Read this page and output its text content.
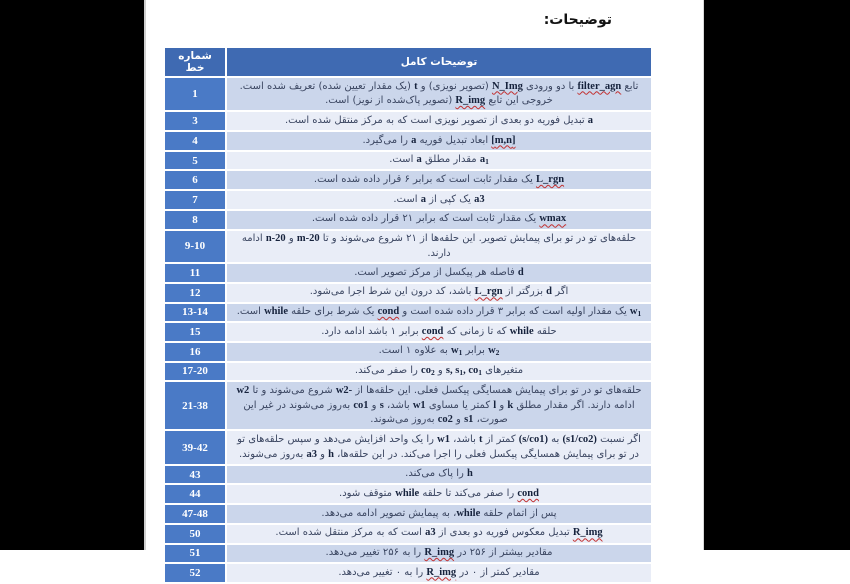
توضیحات:
شماره خط	توضیحات کامل
1	تابع filter_agn با دو ورودی N_Img (تصویر نویزی) و t (یک مقدار تعیین شده) تعریف شده است. خروجی این تابع R_img (تصویر پاک‌شده از نویز) است.
3	a تبدیل فوریه دو بعدی از تصویر نویزی است که به مرکز منتقل شده است.
4	[m,n] ابعاد تبدیل فوریه a را می‌گیرد.
5	$a_1$ مقدار مطلق a است.
6	L_rgn یک مقدار ثابت است که برابر ۶ قرار داده شده است.
7	a3 یک کپی از a است.
8	wmax یک مقدار ثابت است که برابر ۲۱ قرار داده شده است.
9-10	حلقه‌های تو در تو برای پیمایش تصویر. این حلقه‌ها از ۲۱ شروع می‌شوند و تا m-20 و n-20 ادامه دارند.
11	d فاصله هر پیکسل از مرکز تصویر است.
12	اگر d بزرگتر از L_rgn باشد، کد درون این شرط اجرا می‌شود.
13-14	$w_1$ یک مقدار اولیه است که برابر ۳ قرار داده شده است و cond یک شرط برای حلقه while است.
15	حلقه while که تا زمانی که cond برابر ۱ باشد ادامه دارد.
16	$w_2$ برابر $w_1$ به علاوه ۱ است.
17-20	متغیرهای s, $s_1$, $co_1$ و $co_2$ را صفر می‌کند.
21-38	حلقه‌های تو در تو برای پیمایش همسایگی پیکسل فعلی. این حلقه‌ها از -w2 شروع می‌شوند و تا w2 ادامه دارند. اگر مقدار مطلق k و l کمتر یا مساوی w1 باشد، s و co1 به‌روز می‌شوند در غیر این صورت، s1 و co2 به‌روز می‌شوند.
39-42	اگر نسبت (s1/co2) به (s/co1) کمتر از t باشد، w1 را یک واحد افزایش می‌دهد و سپس حلقه‌های تو در تو برای پیمایش همسایگی پیکسل فعلی را اجرا می‌کند. در این حلقه‌ها، h و a3 به‌روز می‌شوند.
43	h را پاک می‌کند.
44	cond را صفر می‌کند تا حلقه while متوقف شود.
47-48	پس از اتمام حلقه while، به پیمایش تصویر ادامه می‌دهد.
50	R_img تبدیل معکوس فوریه دو بعدی از a3 است که به مرکز منتقل شده است.
51	مقادیر بیشتر از ۲۵۶ در R_img را به ۲۵۶ تغییر می‌دهد.
52	مقادیر کمتر از ۰ در R_img را به ۰ تغییر می‌دهد.
